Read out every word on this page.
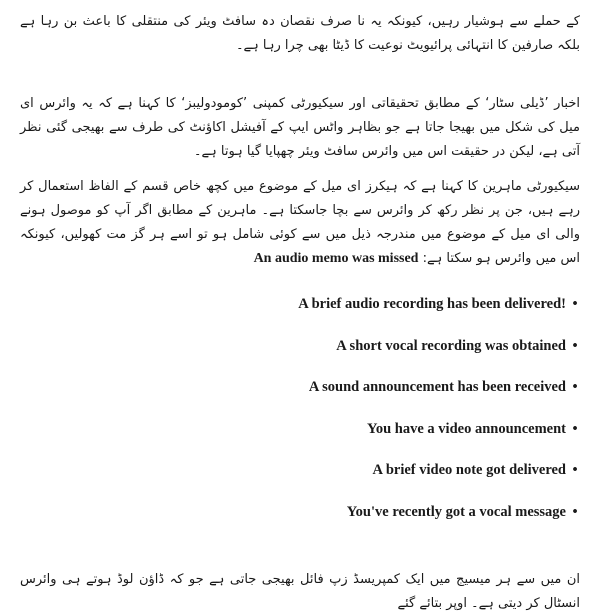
کے حملے سے ہوشیار رہیں، کیونکہ یہ نا صرف نقصان دہ سافٹ ویئر کی منتقلی کا باعث بن رہا ہے بلکہ صارفین کا انتہائی پرائیویٹ نوعیت کا ڈیٹا بھی چرا رہا ہے۔

اخبار ’ڈیلی سٹار‘ کے مطابق تحقیقاتی اور سیکیورٹی کمپنی ’کومودولیبز‘ کا کہنا ہے کہ یہ وائرس ای میل کی شکل میں بھیجا جاتا ہے جو بظاہر واٹس ایپ کے آفیشل اکاؤنٹ کی طرف سے بھیجی گئی نظر آتی ہے، لیکن در حقیقت اس میں وائرس سافٹ ویئر چھپایا گیا ہوتا ہے۔

سیکیورٹی ماہرین کا کہنا ہے کہ ہیکرز ای میل کے موضوع میں کچھ خاص قسم کے الفاظ استعمال کر رہے ہیں، جن پر نظر رکھ کر وائرس سے بچا جاسکتا ہے۔ ماہرین کے مطابق اگر آپ کو موصول ہونے والی ای میل کے موضوع میں مندرجہ ذیل میں سے کوئی شامل ہو تو اسے ہر گز مت کھولیں، کیونکہ اس میں وائرس ہو سکتا ہے: An audio memo was missed

A brief audio recording has been delivered! •
A short vocal recording was obtained •
A sound announcement has been received •
You have a video announcement •
A brief video note got delivered •
You've recently got a vocal message •

ان میں سے ہر میسیج میں ایک کمپریسڈ زپ فائل بھیجی جاتی ہے جو کہ ڈاؤن لوڈ ہوتے ہی وائرس انسٹال کر دیتی ہے۔ اوپر بتائے گئے
